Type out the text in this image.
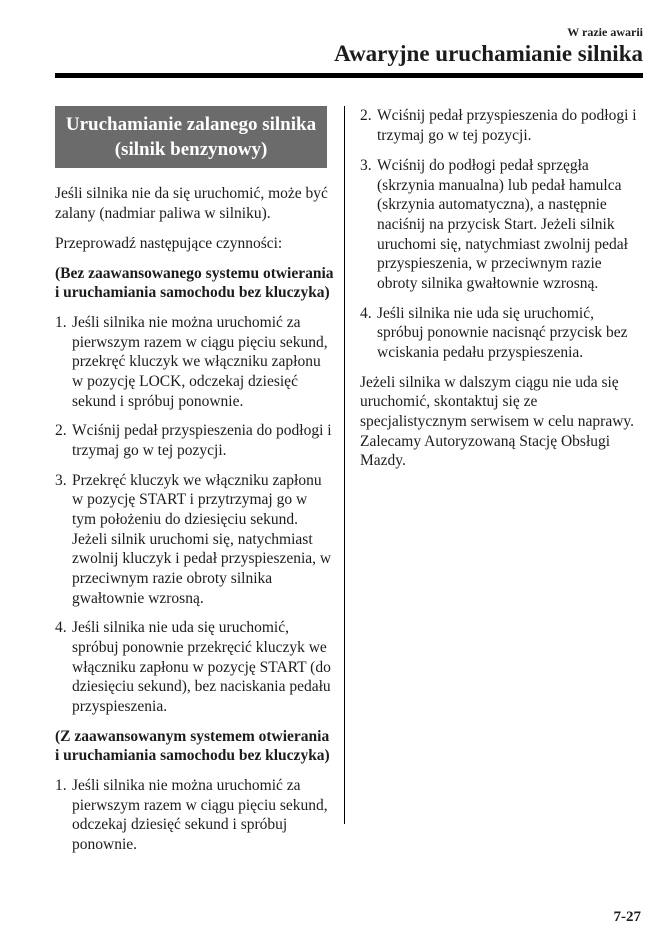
W razie awarii
Awaryjne uruchamianie silnika
Uruchamianie zalanego silnika (silnik benzynowy)

Jeśli silnika nie da się uruchomić, może być zalany (nadmiar paliwa w silniku).

Przeprowadź następujące czynności:

(Bez zaawansowanego systemu otwierania i uruchamiania samochodu bez kluczyka)

1. Jeśli silnika nie można uruchomić za pierwszym razem w ciągu pięciu sekund, przekręć kluczyk we włączniku zapłonu w pozycję LOCK, odczekaj dziesięć sekund i spróbuj ponownie.
2. Wciśnij pedał przyspieszenia do podłogi i trzymaj go w tej pozycji.
3. Przekręć kluczyk we włączniku zapłonu w pozycję START i przytrzymaj go w tym położeniu do dziesięciu sekund. Jeżeli silnik uruchomi się, natychmiast zwolnij kluczyk i pedał przyspieszenia, w przeciwnym razie obroty silnika gwałtownie wzrosną.
4. Jeśli silnika nie uda się uruchomić, spróbuj ponownie przekręcić kluczyk we włączniku zapłonu w pozycję START (do dziesięciu sekund), bez naciskania pedału przyspieszenia.

(Z zaawansowanym systemem otwierania i uruchamiania samochodu bez kluczyka)

1. Jeśli silnika nie można uruchomić za pierwszym razem w ciągu pięciu sekund, odczekaj dziesięć sekund i spróbuj ponownie.
2. Wciśnij pedał przyspieszenia do podłogi i trzymaj go w tej pozycji.
3. Wciśnij do podłogi pedał sprzęgła (skrzynia manualna) lub pedał hamulca (skrzynia automatyczna), a następnie naciśnij na przycisk Start. Jeżeli silnik uruchomi się, natychmiast zwolnij pedał przyspieszenia, w przeciwnym razie obroty silnika gwałtownie wzrosną.
4. Jeśli silnika nie uda się uruchomić, spróbuj ponownie nacisnąć przycisk bez wciskania pedału przyspieszenia.

Jeżeli silnika w dalszym ciągu nie uda się uruchomić, skontaktuj się ze specjalistycznym serwisem w celu naprawy. Zalecamy Autoryzowaną Stację Obsługi Mazdy.

7-27
